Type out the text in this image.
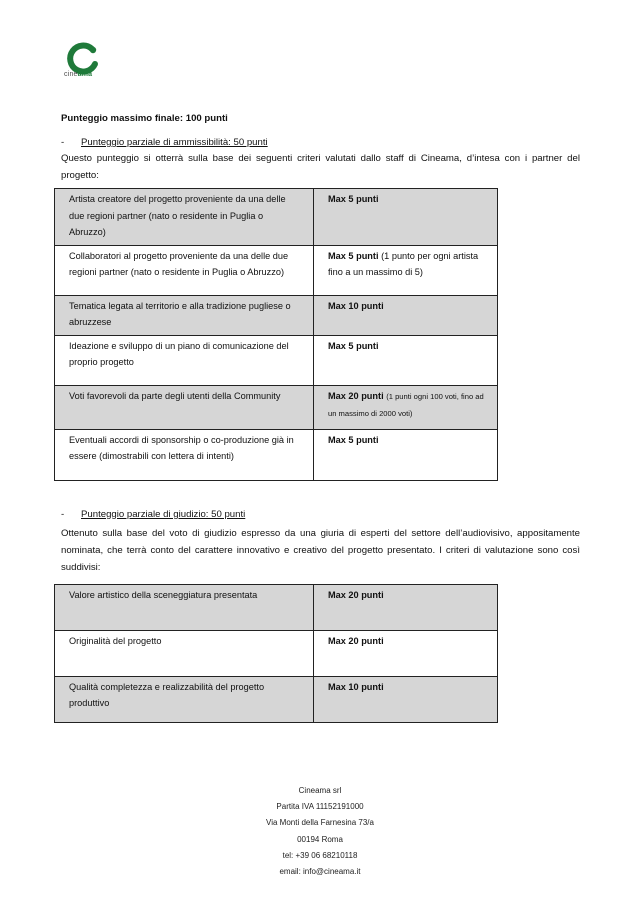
cineama
Punteggio massimo finale: 100 punti
-	Punteggio parziale di ammissibilità: 50 punti
Questo punteggio si otterrà sulla base dei seguenti criteri valutati dallo staff di Cineama, d’intesa con i partner del progetto:
Artista creatore del progetto proveniente da una delle due regioni partner (nato o residente in Puglia o Abruzzo)	Max 5 punti
Collaboratori al progetto proveniente da una delle due regioni partner (nato o residente in Puglia o Abruzzo)	Max 5 punti (1 punto per ogni artista fino a un massimo di 5)
Tematica legata al territorio e alla tradizione pugliese o abruzzese	Max 10 punti
Ideazione e sviluppo di un piano di comunicazione del proprio progetto	Max 5 punti
Voti favorevoli da parte degli utenti della Community	Max 20 punti (1 punti ogni 100 voti, fino ad un massimo di 2000 voti)
Eventuali accordi di sponsorship o co-produzione già in essere (dimostrabili con lettera di intenti)	Max 5 punti
-	Punteggio parziale di giudizio: 50 punti
Ottenuto sulla base del voto di giudizio espresso da una giuria di esperti del settore dell’audiovisivo, appositamente nominata, che terrà conto del carattere innovativo e creativo del progetto presentato. I criteri di valutazione sono così suddivisi:
Valore artistico della sceneggiatura presentata	Max 20 punti
Originalità del progetto	Max 20 punti
Qualità completezza e realizzabilità del progetto produttivo	Max 10 punti
Cineama srl
Partita IVA 11152191000
Via Monti della Farnesina 73/a
00194 Roma
tel: +39 06 68210118
email: info@cineama.it
